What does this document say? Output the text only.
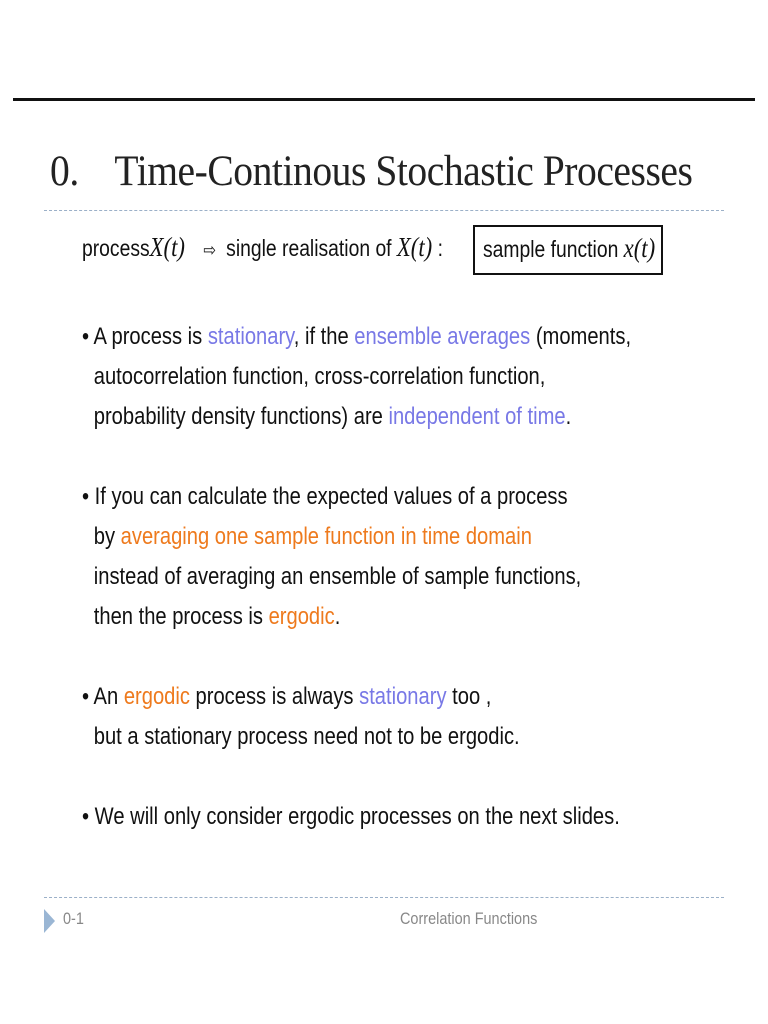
0. Time-Continous Stochastic Processes
processX(t) ⇨ single realisation of X(t) : sample function x(t)
• A process is stationary, if the ensemble averages (moments,
autocorrelation function, cross-correlation function,
probability density functions) are independent of time.
• If you can calculate the expected values of a process
by averaging one sample function in time domain
instead of averaging an ensemble of sample functions,
then the process is ergodic.
• An ergodic process is always stationary too ,
but a stationary process need not to be ergodic.
• We will only consider ergodic processes on the next slides.
0-1	Correlation Functions
